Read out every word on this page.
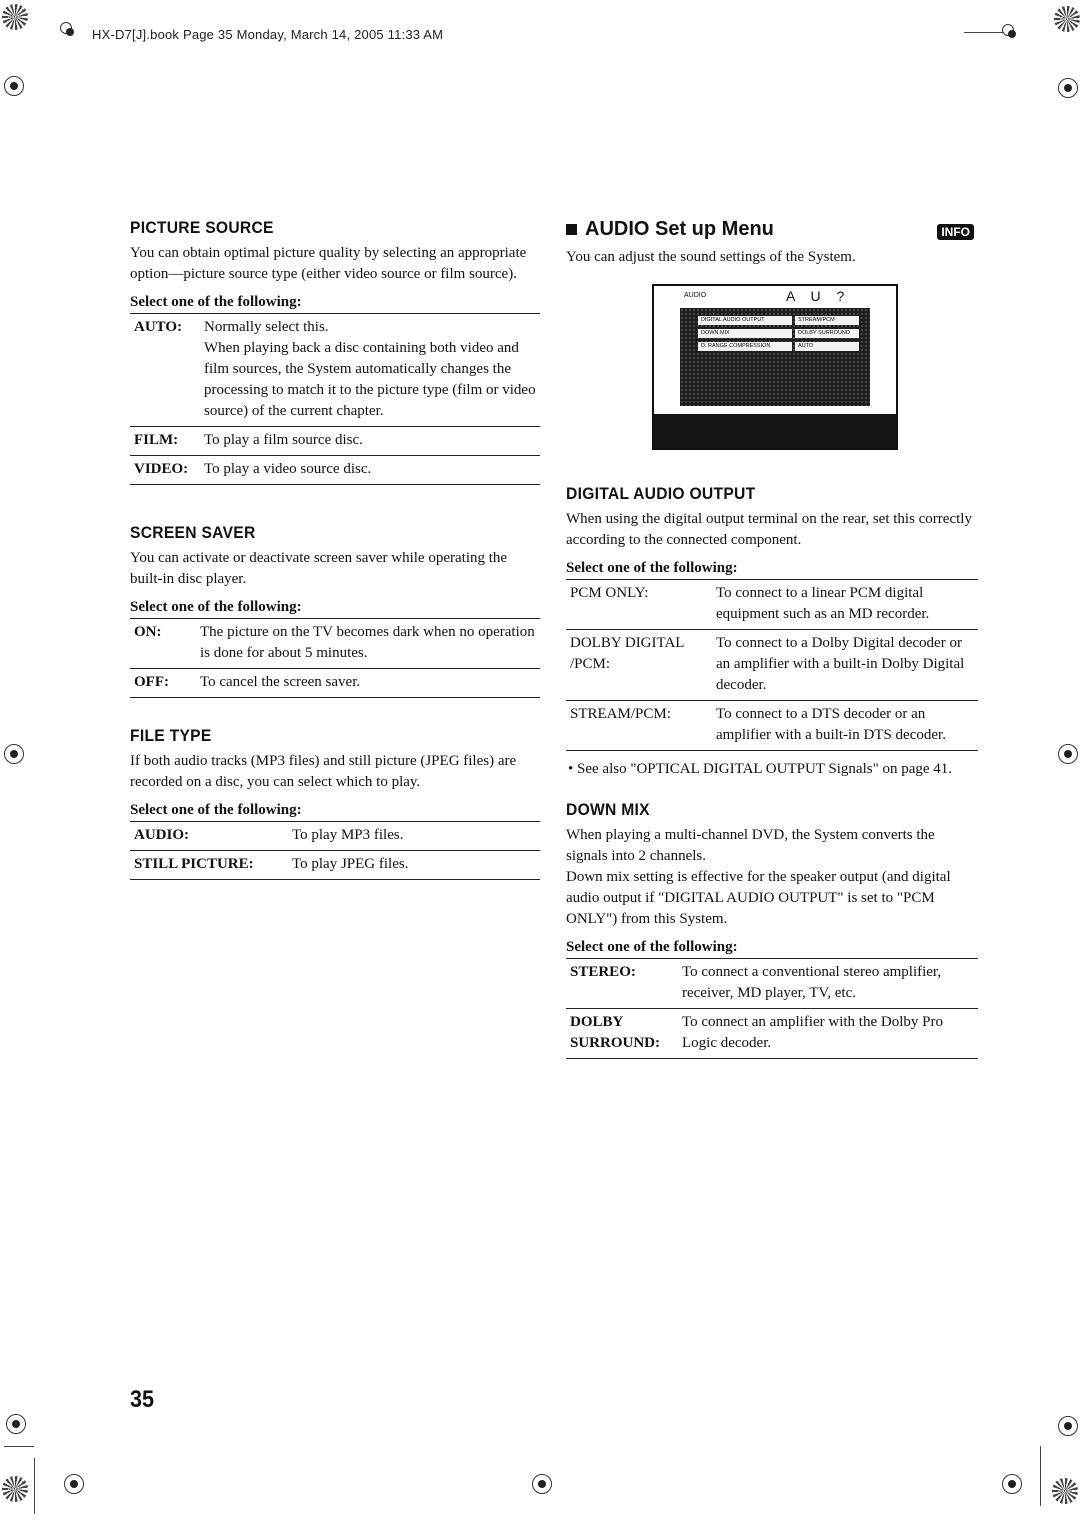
HX-D7[J].book Page 35 Monday, March 14, 2005 11:33 AM
PICTURE SOURCE

You can obtain optimal picture quality by selecting an appropriate option—picture source type (either video source or film source).

Select one of the following:
AUTO:	Normally select this.
When playing back a disc containing both video and film sources, the System automatically changes the processing to match it to the picture type (film or video source) of the current chapter.

FILM:	To play a film source disc.
VIDEO:	To play a video source disc.
SCREEN SAVER

You can activate or deactivate screen saver while operating the built-in disc player.

Select one of the following:
ON:	The picture on the TV becomes dark when no operation is done for about 5 minutes.
OFF:	To cancel the screen saver.
FILE TYPE

If both audio tracks (MP3 files) and still picture (JPEG files) are recorded on a disc, you can select which to play.

Select one of the following:
AUDIO:	To play MP3 files.
STILL PICTURE:	To play JPEG files.
AUDIO Set up Menu	INFO

You can adjust the sound settings of the System.

AUDIO	A U ?
DIGITAL AUDIO OUTPUT	STREAM/PCM
DOWN MIX	DOLBY SURROUND
D. RANGE COMPRESSION	AUTO
DIGITAL AUDIO OUTPUT

When using the digital output terminal on the rear, set this correctly according to the connected component.

Select one of the following:
PCM ONLY:	To connect to a linear PCM digital equipment such as an MD recorder.
DOLBY DIGITAL /PCM:	To connect to a Dolby Digital decoder or an amplifier with a built-in Dolby Digital decoder.
STREAM/PCM:	To connect to a DTS decoder or an amplifier with a built-in DTS decoder.

• See also "OPTICAL DIGITAL OUTPUT Signals" on page 41.

DOWN MIX

When playing a multi-channel DVD, the System converts the signals into 2 channels.

Down mix setting is effective for the speaker output (and digital audio output if "DIGITAL AUDIO OUTPUT" is set to "PCM ONLY") from this System.

Select one of the following:
STEREO:	To connect a conventional stereo amplifier, receiver, MD player, TV, etc.
DOLBY SURROUND:	To connect an amplifier with the Dolby Pro Logic decoder.
35
